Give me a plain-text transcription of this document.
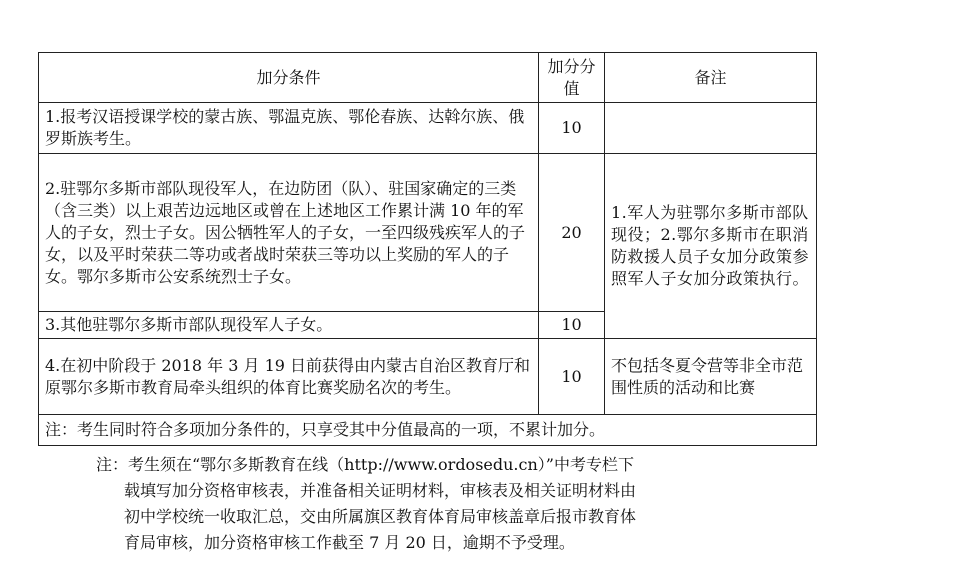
加分条件	加分分值	备注
1.报考汉语授课学校的蒙古族、鄂温克族、鄂伦春族、达斡尔族、俄罗斯族考生。	10	
2.驻鄂尔多斯市部队现役军人，在边防团（队）、驻国家确定的三类（含三类）以上艰苦边远地区或曾在上述地区工作累计满 10 年的军人的子女，烈士子女。因公牺牲军人的子女，一至四级残疾军人的子女，以及平时荣获二等功或者战时荣获三等功以上奖励的军人的子女。鄂尔多斯市公安系统烈士子女。	20	1.军人为驻鄂尔多斯市部队现役；2.鄂尔多斯市在职消防救援人员子女加分政策参照军人子女加分政策执行。
3.其他驻鄂尔多斯市部队现役军人子女。	10	
4.在初中阶段于 2018 年 3 月 19 日前获得由内蒙古自治区教育厅和原鄂尔多斯市教育局牵头组织的体育比赛奖励名次的考生。	10	不包括冬夏令营等非全市范围性质的活动和比赛
注：考生同时符合多项加分条件的，只享受其中分值最高的一项，不累计加分。		
注：考生须在“鄂尔多斯教育在线（http://www.ordosedu.cn）”中考专栏下
载填写加分资格审核表，并准备相关证明材料，审核表及相关证明材料由
初中学校统一收取汇总，交由所属旗区教育体育局审核盖章后报市教育体
育局审核，加分资格审核工作截至 7 月 20 日，逾期不予受理。
